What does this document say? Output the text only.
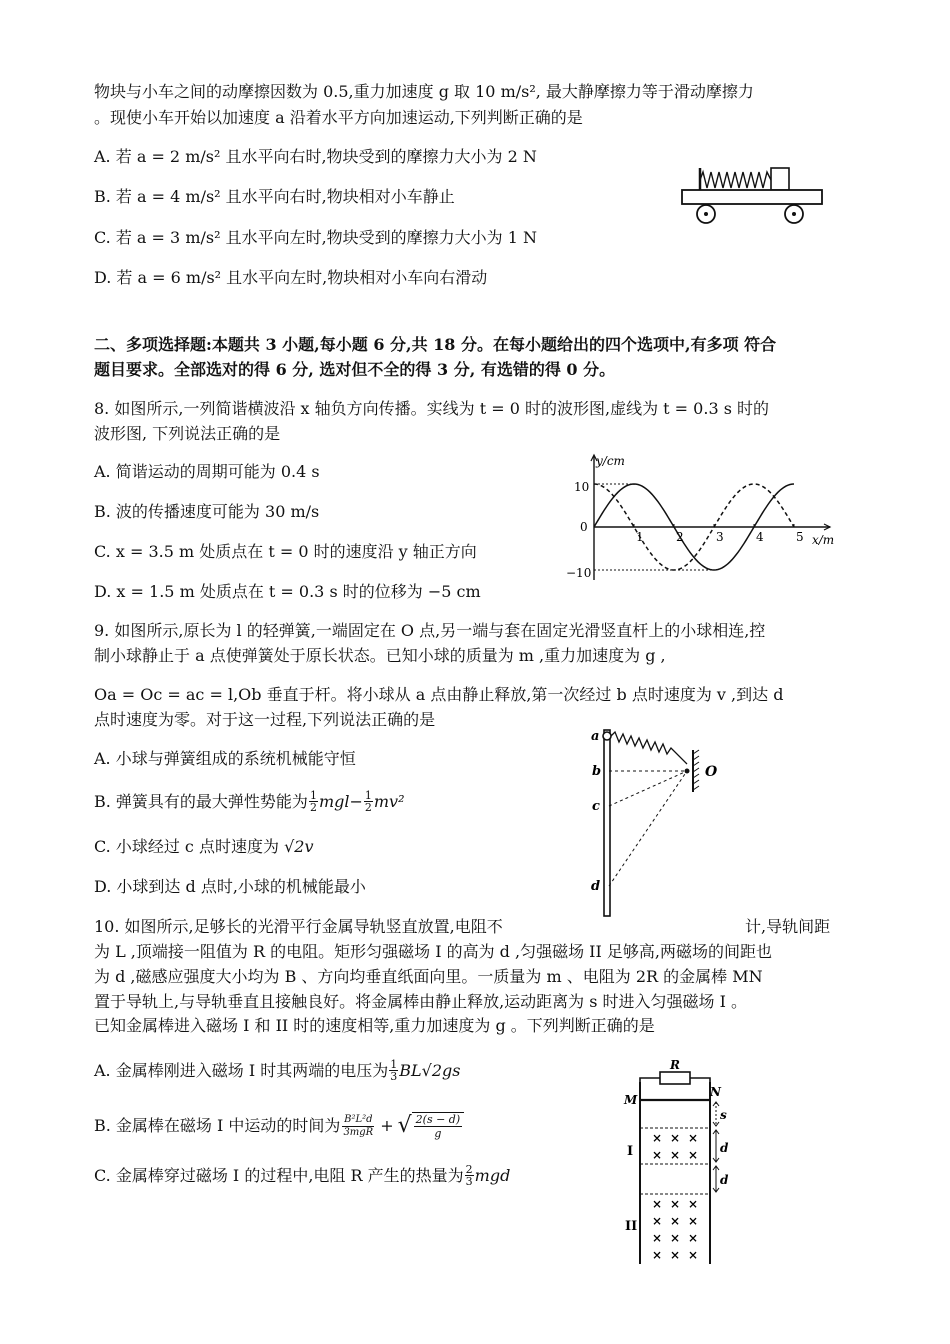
物块与小车之间的动摩擦因数为 0.5,重力加速度 g 取 10 m/s², 最大静摩擦力等于滑动摩擦力
。现使小车开始以加速度 a 沿着水平方向加速运动,下列判断正确的是
A. 若 a = 2 m/s² 且水平向右时,物块受到的摩擦力大小为 2 N
B. 若 a = 4 m/s² 且水平向右时,物块相对小车静止
C. 若 a = 3 m/s² 且水平向左时,物块受到的摩擦力大小为 1 N
D. 若 a = 6 m/s² 且水平向左时,物块相对小车向右滑动
二、多项选择题:本题共 3 小题,每小题 6 分,共 18 分。在每小题给出的四个选项中,有多项 符合
题目要求。全部选对的得 6 分, 选对但不全的得 3 分, 有选错的得 0 分。
8. 如图所示,一列简谐横波沿 x 轴负方向传播。实线为 t = 0 时的波形图,虚线为 t = 0.3 s 时的
波形图, 下列说法正确的是
A. 简谐运动的周期可能为 0.4 s
B. 波的传播速度可能为 30 m/s
C. x = 3.5 m 处质点在 t = 0 时的速度沿 y 轴正方向
D. x = 1.5 m 处质点在 t = 0.3 s 时的位移为 −5 cm
y/cm
x/m
10
−10
0
1	2	3	4	5
9. 如图所示,原长为 l 的轻弹簧,一端固定在 O 点,另一端与套在固定光滑竖直杆上的小球相连,控
制小球静止于 a 点使弹簧处于原长状态。已知小球的质量为 m ,重力加速度为 g ,
Oa = Oc = ac = l,Ob 垂直于杆。将小球从 a 点由静止释放,第一次经过 b 点时速度为 v ,到达 d
点时速度为零。对于这一过程,下列说法正确的是
A. 小球与弹簧组成的系统机械能守恒
B. 弹簧具有的最大弹性势能为 $\frac{1}{2} mgl- \frac{1}{2} mv^2$
C. 小球经过 c 点时速度为 √2v
D. 小球到达 d 点时,小球的机械能最小
a
b
c
d
O
10. 如图所示,足够长的光滑平行金属导轨竖直放置,电阻不	计,导轨间距
为 L ,顶端接一阻值为 R 的电阻。矩形匀强磁场 I 的高为 d ,匀强磁场 II 足够高,两磁场的间距也
为 d ,磁感应强度大小均为 B 、方向均垂直纸面向里。一质量为 m 、电阻为 2R 的金属棒 MN
置于导轨上,与导轨垂直且接触良好。将金属棒由静止释放,运动距离为 s 时进入匀强磁场 I 。
已知金属棒进入磁场 I 和 II 时的速度相等,重力加速度为 g 。下列判断正确的是
A. 金属棒刚进入磁场 I 时其两端的电压为 $\frac{1}{3} BL√2gs$
B. 金属棒在磁场 I 中运动的时间为 B²L²d
3mgR + √ $\frac{2(s - d)}{g}$
C. 金属棒穿过磁场 I 的过程中,电阻 R 产生的热量为 $\frac{2}{3}$ mgd
R
M
N
I
II
× × ×
× × ×
× × ×
× × ×
× × ×
× × ×
s
d
d
